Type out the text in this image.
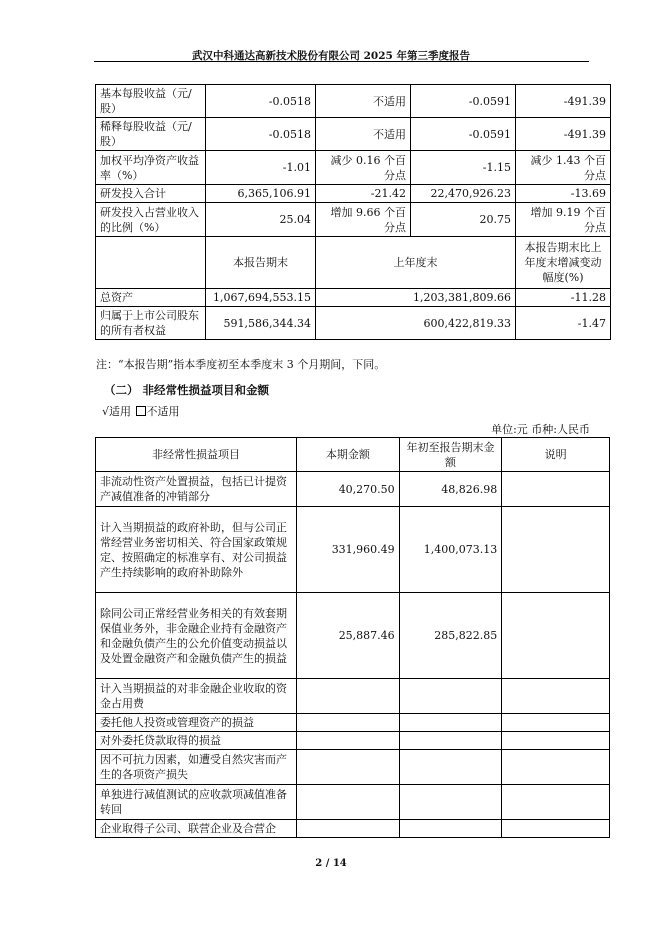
武汉中科通达高新技术股份有限公司 2025 年第三季度报告
基本每股收益（元/股）	-0.0518	不适用	-0.0591	-491.39
稀释每股收益（元/股）	-0.0518	不适用	-0.0591	-491.39
加权平均净资产收益率（%）	-1.01	减少 0.16 个百分点	-1.15	减少 1.43 个百分点
研发投入合计	6,365,106.91	-21.42	22,470,926.23	-13.69
研发投入占营业收入的比例（%）	25.04	增加 9.66 个百分点	20.75	增加 9.19 个百分点
	本报告期末	上年度末		本报告期末比上年度末增减变动幅度(%)
总资产	1,067,694,553.15	1,203,381,809.66		-11.28
归属于上市公司股东的所有者权益	591,586,344.34	600,422,819.33		-1.47
注：“本报告期”指本季度初至本季度末 3 个月期间，下同。
（二） 非经常性损益项目和金额
√适用 不适用
单位:元 币种:人民币
非经常性损益项目	本期金额	年初至报告期末金额	说明
非流动性资产处置损益，包括已计提资产减值准备的冲销部分	40,270.50	48,826.98	
计入当期损益的政府补助，但与公司正常经营业务密切相关、符合国家政策规定、按照确定的标准享有、对公司损益产生持续影响的政府补助除外	331,960.49	1,400,073.13	
除同公司正常经营业务相关的有效套期保值业务外，非金融企业持有金融资产和金融负债产生的公允价值变动损益以及处置金融资产和金融负债产生的损益	25,887.46	285,822.85	
计入当期损益的对非金融企业收取的资金占用费			
委托他人投资或管理资产的损益			
对外委托贷款取得的损益			
因不可抗力因素，如遭受自然灾害而产生的各项资产损失			
单独进行减值测试的应收款项减值准备转回			
企业取得子公司、联营企业及合营企			
2 / 14
